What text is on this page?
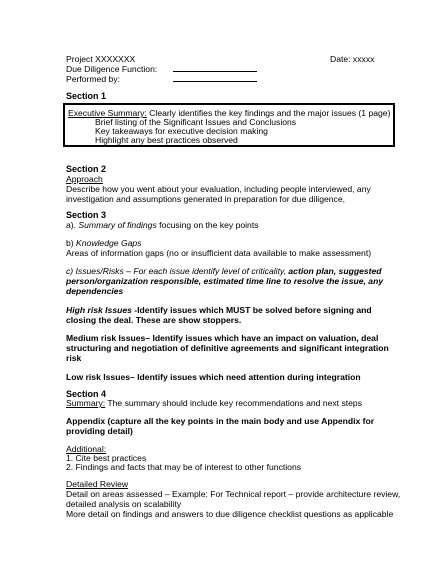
Project XXXXXXX	Date: xxxxx
Due Diligence Function:
Performed by:
Section 1
Executive Summary: Clearly identifies the key findings and the major issues (1 page)
Brief listing of the Significant Issues and Conclusions
Key takeaways for executive decision making
Highlight any best practices observed
Section 2
Approach
Describe how you went about your evaluation, including people interviewed, any
investigation and assumptions generated in preparation for due diligence,
Section 3
a). Summary of findings focusing on the key points
b) Knowledge Gaps
Areas of information gaps (no or insufficient data available to make assessment)
c) Issues/Risks – For each issue identify level of criticality, action plan, suggested
person/organization responsible, estimated time line to resolve the issue, any
dependencies
High risk Issues -Identify issues which MUST be solved before signing and
closing the deal. These are show stoppers.
Medium risk Issues– Identify issues which have an impact on valuation, deal
structuring and negotiation of definitive agreements and significant integration
risk
Low risk Issues– Identify issues which need attention during integration
Section 4
Summary: The summary should include key recommendations and next steps
Appendix (capture all the key points in the main body and use Appendix for
providing detail)
Additional:
1. Cite best practices
2. Findings and facts that may be of interest to other functions
Detailed Review
Detail on areas assessed – Example: For Technical report – provide architecture review,
detailed analysis on scalability
More detail on findings and answers to due diligence checklist questions as applicable
